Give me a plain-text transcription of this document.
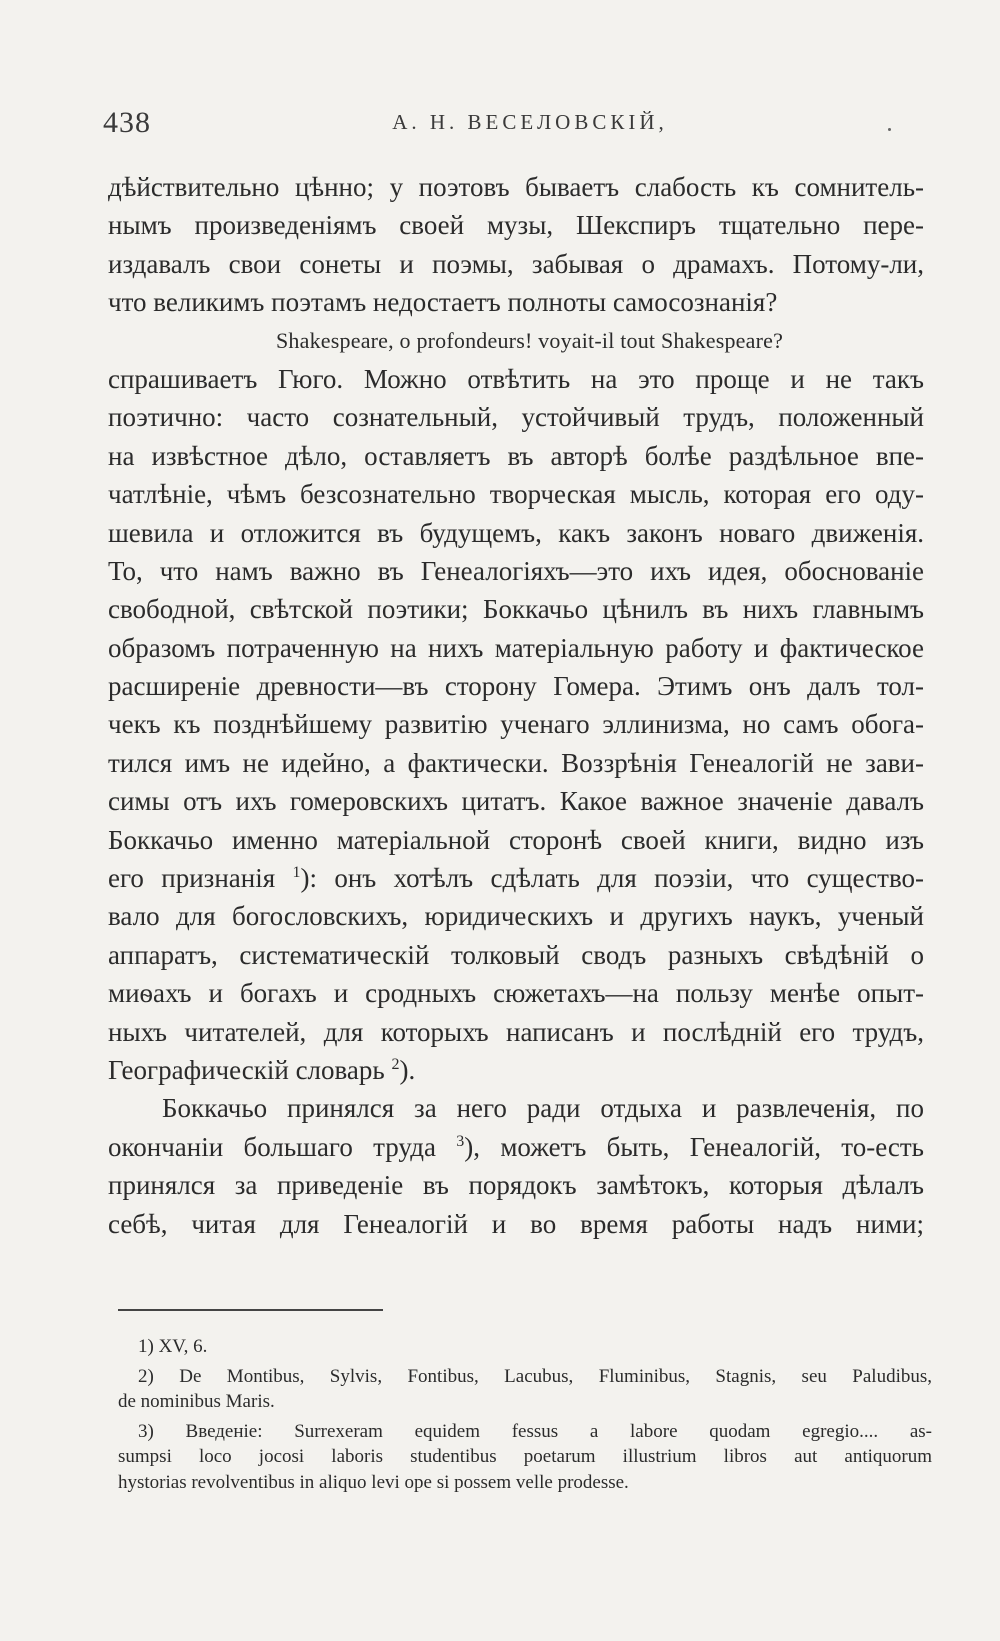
438	А. Н. ВЕСЕЛОВСКІЙ,
дѣйствительно цѣнно; у поэтовъ бываетъ слабость къ сомнитель-
нымъ произведеніямъ своей музы, Шекспиръ тщательно пере-
издавалъ свои сонеты и поэмы, забывая о драмахъ. Потому-ли,
что великимъ поэтамъ недостаетъ полноты самосознанія?
Shakespeare, o profondeurs! voyait-il tout Shakespeare?
спрашиваетъ Гюго. Можно отвѣтить на это проще и не такъ
поэтично: часто сознательный, устойчивый трудъ, положенный
на извѣстное дѣло, оставляетъ въ авторѣ болѣе раздѣльное впе-
чатлѣніе, чѣмъ безсознательно творческая мысль, которая его оду-
шевила и отложится въ будущемъ, какъ законъ новаго движенія.
То, что намъ важно въ Генеалогіяхъ—это ихъ идея, обоснованіе
свободной, свѣтской поэтики; Боккачьо цѣнилъ въ нихъ главнымъ
образомъ потраченную на нихъ матеріальную работу и фактическое
расширеніе древности—въ сторону Гомера. Этимъ онъ далъ тол-
чекъ къ позднѣйшему развитію ученаго эллинизма, но самъ обога-
тился имъ не идейно, а фактически. Воззрѣнія Генеалогій не зави-
симы отъ ихъ гомеровскихъ цитатъ. Какое важное значеніе давалъ
Боккачьо именно матеріальной сторонѣ своей книги, видно изъ
его признанія $^1$): онъ хотѣлъ сдѣлать для поэзіи, что существо-
вало для богословскихъ, юридическихъ и другихъ наукъ, ученый
аппаратъ, систематическій толковый сводъ разныхъ свѣдѣній о
миѳахъ и богахъ и сродныхъ сюжетахъ—на пользу менѣе опыт-
ныхъ читателей, для которыхъ написанъ и послѣдній его трудъ,
Географическій словарь $^2$).
Боккачьо принялся за него ради отдыха и развлеченія, по
окончаніи большаго труда $^3$), можетъ быть, Генеалогій, то-есть
принялся за приведеніе въ порядокъ замѣтокъ, которыя дѣлалъ
себѣ, читая для Генеалогій и во время работы надъ ними;
1) XV, 6.
2) De Montibus, Sylvis, Fontibus, Lacubus, Fluminibus, Stagnis, seu Paludibus,
de nominibus Maris.
3) Введеніе: Surrexeram equidem fessus a labore quodam egregio.... as-
sumpsi loco jocosi laboris studentibus poetarum illustrium libros aut antiquorum
hystorias revolventibus in aliquo levi ope si possem velle prodesse.
